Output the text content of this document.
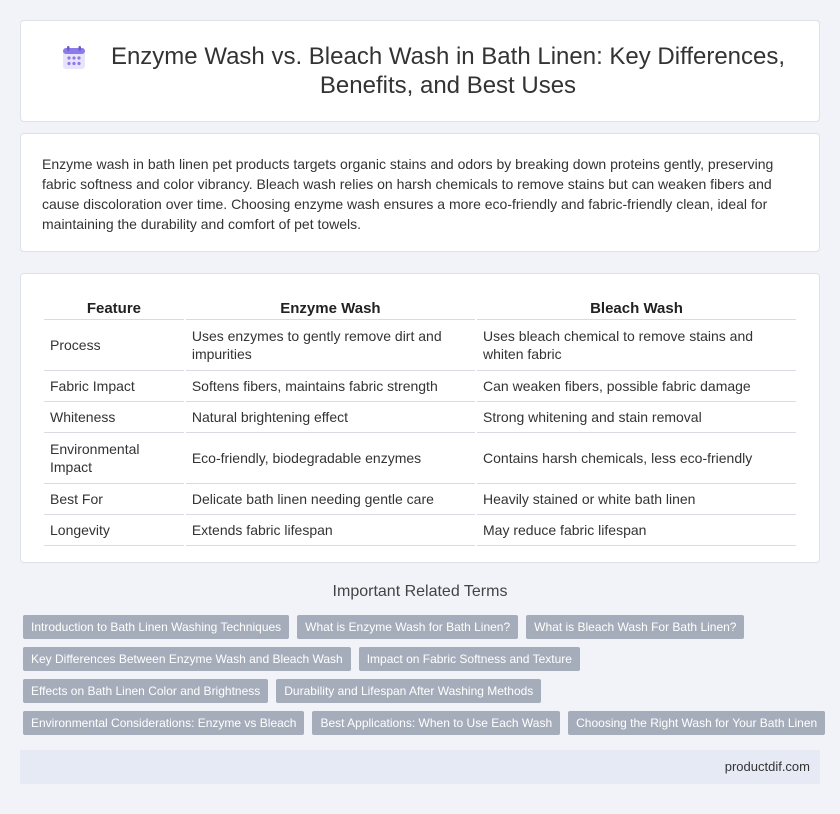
Enzyme Wash vs. Bleach Wash in Bath Linen: Key Differences, Benefits, and Best Uses

Enzyme wash in bath linen pet products targets organic stains and odors by breaking down proteins gently, preserving fabric softness and color vibrancy. Bleach wash relies on harsh chemicals to remove stains but can weaken fibers and cause discoloration over time. Choosing enzyme wash ensures a more eco-friendly and fabric-friendly clean, ideal for maintaining the durability and comfort of pet towels.

Feature	Enzyme Wash	Bleach Wash
Process	Uses enzymes to gently remove dirt and impurities	Uses bleach chemical to remove stains and whiten fabric
Fabric Impact	Softens fibers, maintains fabric strength	Can weaken fibers, possible fabric damage
Whiteness	Natural brightening effect	Strong whitening and stain removal
Environmental Impact	Eco-friendly, biodegradable enzymes	Contains harsh chemicals, less eco-friendly
Best For	Delicate bath linen needing gentle care	Heavily stained or white bath linen
Longevity	Extends fabric lifespan	May reduce fabric lifespan
Important Related Terms
Introduction to Bath Linen Washing Techniques	What is Enzyme Wash for Bath Linen?	What is Bleach Wash For Bath Linen?
Key Differences Between Enzyme Wash and Bleach Wash	Impact on Fabric Softness and Texture
Effects on Bath Linen Color and Brightness	Durability and Lifespan After Washing Methods
Environmental Considerations: Enzyme vs Bleach	Best Applications: When to Use Each Wash	Choosing the Right Wash for Your Bath Linen
productdif.com
